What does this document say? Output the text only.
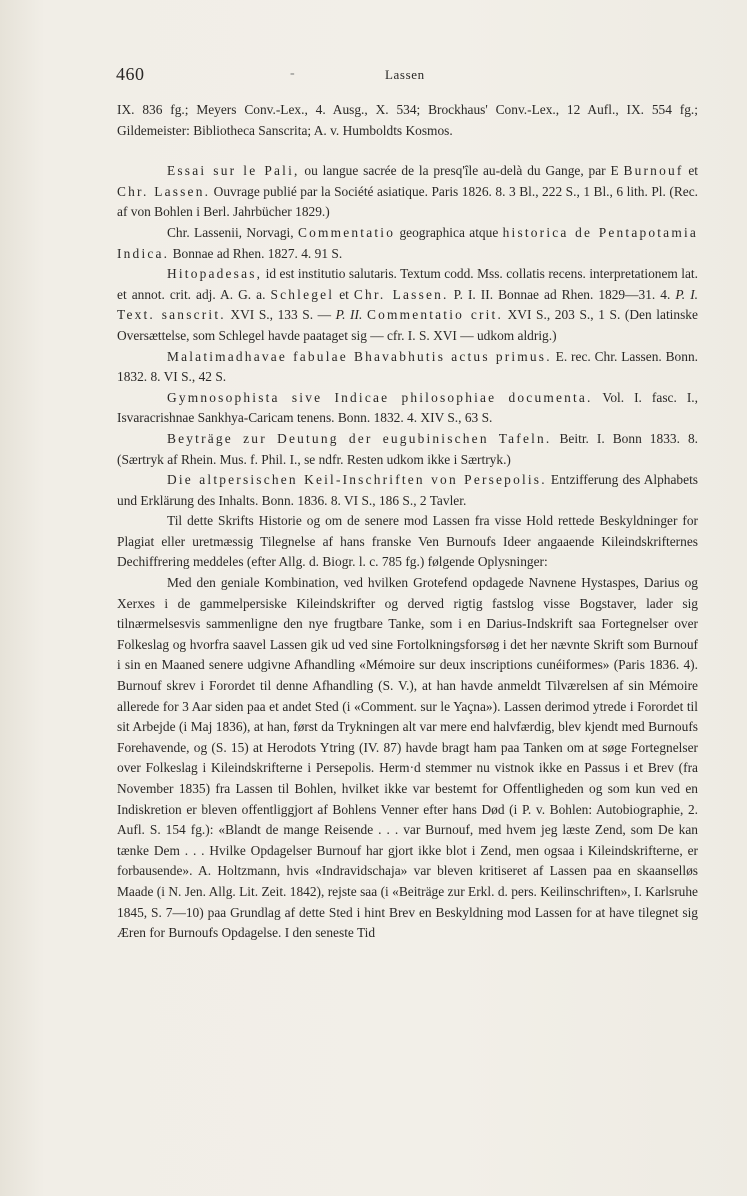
460	-	Lassen

IX. 836 fg.; Meyers Conv.-Lex., 4. Ausg., X. 534; Brockhaus' Conv.-Lex., 12 Aufl., IX. 554 fg.; Gildemeister: Bibliotheca Sanscrita; A. v. Humboldts Kosmos.

Essai sur le Pali, ou langue sacrée de la presq'île au-delà du Gange, par E Burnouf et Chr. Lassen. Ouvrage publié par la Société asiatique. Paris 1826. 8. 3 Bl., 222 S., 1 Bl., 6 lith. Pl. (Rec. af von Bohlen i Berl. Jahrbücher 1829.)

Chr. Lassenii, Norvagi, Commentatio geographica atque historica de Pentapotamia Indica. Bonnae ad Rhen. 1827. 4. 91 S.

Hitopadesas, id est institutio salutaris. Textum codd. Mss. collatis recens. interpretationem lat. et annot. crit. adj. A. G. a. Schlegel et Chr. Lassen. P. I. II. Bonnae ad Rhen. 1829—31. 4. P. I. Text. sanscrit. XVI S., 133 S. — P. II. Commentatio crit. XVI S., 203 S., 1 S. (Den latinske Oversættelse, som Schlegel havde paataget sig — cfr. I. S. XVI — udkom aldrig.)

Malatimadhavae fabulae Bhavabhutis actus primus. E. rec. Chr. Lassen. Bonn. 1832. 8. VI S., 42 S.

Gymnosophista sive Indicae philosophiae documenta. Vol. I. fasc. I., Isvaracrishnae Sankhya-Caricam tenens. Bonn. 1832. 4. XIV S., 63 S.

Beyträge zur Deutung der eugubinischen Tafeln. Beitr. I. Bonn 1833. 8. (Særtryk af Rhein. Mus. f. Phil. I., se ndfr. Resten udkom ikke i Særtryk.)

Die altpersischen Keil-Inschriften von Persepolis. Entzifferung des Alphabets und Erklärung des Inhalts. Bonn. 1836. 8. VI S., 186 S., 2 Tavler.

Til dette Skrifts Historie og om de senere mod Lassen fra visse Hold rettede Beskyldninger for Plagiat eller uretmæssig Tilegnelse af hans franske Ven Burnoufs Ideer angaaende Kileindskrifternes Dechiffrering meddeles (efter Allg. d. Biogr. l. c. 785 fg.) følgende Oplysninger:

Med den geniale Kombination, ved hvilken Grotefend opdagede Navnene Hystaspes, Darius og Xerxes i de gammelpersiske Kileindskrifter og derved rigtig fastslog visse Bogstaver, lader sig tilnærmelsesvis sammenligne den nye frugtbare Tanke, som i en Darius-Indskrift saa Fortegnelser over Folkeslag og hvorfra saavel Lassen gik ud ved sine Fortolkningsforsøg i det her nævnte Skrift som Burnouf i sin en Maaned senere udgivne Afhandling «Mémoire sur deux inscriptions cunéiformes» (Paris 1836. 4). Burnouf skrev i Forordet til denne Afhandling (S. V.), at han havde anmeldt Tilværelsen af sin Mémoire allerede for 3 Aar siden paa et andet Sted (i «Comment. sur le Yaçna»). Lassen derimod ytrede i Forordet til sit Arbejde (i Maj 1836), at han, først da Trykningen alt var mere end halvfærdig, blev kjendt med Burnoufs Forehavende, og (S. 15) at Herodots Ytring (IV. 87) havde bragt ham paa Tanken om at søge Fortegnelser over Folkeslag i Kileindskrifterne i Persepolis. Herm·d stemmer nu vistnok ikke en Passus i et Brev (fra November 1835) fra Lassen til Bohlen, hvilket ikke var bestemt for Offentligheden og som kun ved en Indiskretion er bleven offentliggjort af Bohlens Venner efter hans Død (i P. v. Bohlen: Autobiographie, 2. Aufl. S. 154 fg.): «Blandt de mange Reisende . . . var Burnouf, med hvem jeg læste Zend, som De kan tænke Dem . . . Hvilke Opdagelser Burnouf har gjort ikke blot i Zend, men ogsaa i Kileindskrifterne, er forbausende». A. Holtzmann, hvis «Indravidschaja» var bleven kritiseret af Lassen paa en skaanselløs Maade (i N. Jen. Allg. Lit. Zeit. 1842), rejste saa (i «Beiträge zur Erkl. d. pers. Keilinschriften», I. Karlsruhe 1845, S. 7—10) paa Grundlag af dette Sted i hint Brev en Beskyldning mod Lassen for at have tilegnet sig Æren for Burnoufs Opdagelse. I den seneste Tid
